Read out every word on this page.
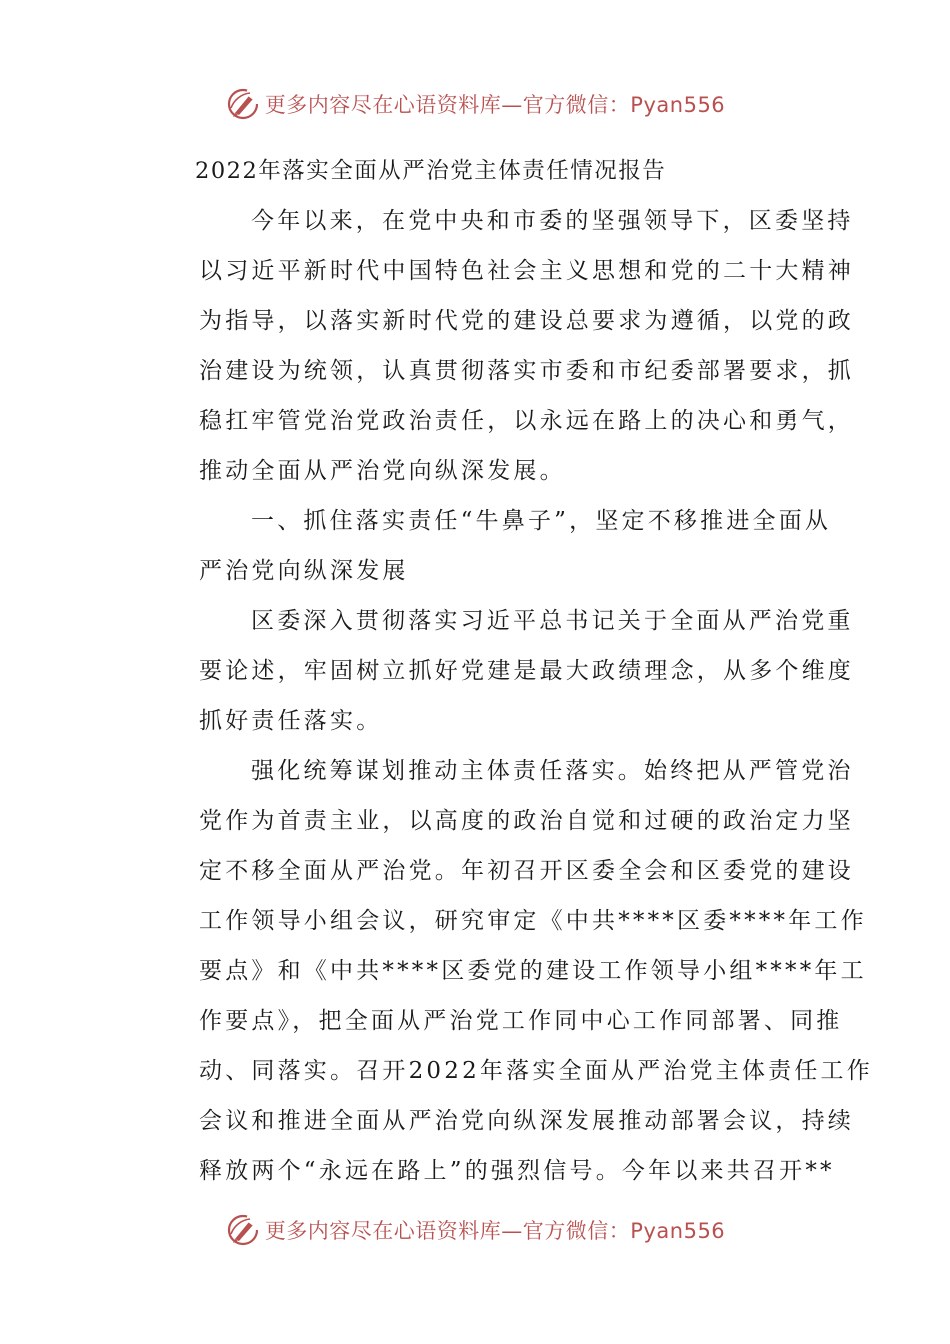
更多内容尽在心语资料库—官方微信：Pyan556
2022年落实全面从严治党主体责任情况报告
今年以来，在党中央和市委的坚强领导下，区委坚持
以习近平新时代中国特色社会主义思想和党的二十大精神
为指导，以落实新时代党的建设总要求为遵循，以党的政
治建设为统领，认真贯彻落实市委和市纪委部署要求，抓
稳扛牢管党治党政治责任，以永远在路上的决心和勇气，
推动全面从严治党向纵深发展。
一、抓住落实责任“牛鼻子”，坚定不移推进全面从
严治党向纵深发展
区委深入贯彻落实习近平总书记关于全面从严治党重
要论述，牢固树立抓好党建是最大政绩理念，从多个维度
抓好责任落实。
强化统筹谋划推动主体责任落实。始终把从严管党治
党作为首责主业，以高度的政治自觉和过硬的政治定力坚
定不移全面从严治党。年初召开区委全会和区委党的建设
工作领导小组会议，研究审定《中共****区委****年工作
要点》和《中共****区委党的建设工作领导小组****年工
作要点》，把全面从严治党工作同中心工作同部署、同推
动、同落实。召开2022年落实全面从严治党主体责任工作
会议和推进全面从严治党向纵深发展推动部署会议，持续
释放两个“永远在路上”的强烈信号。今年以来共召开**
更多内容尽在心语资料库—官方微信：Pyan556
